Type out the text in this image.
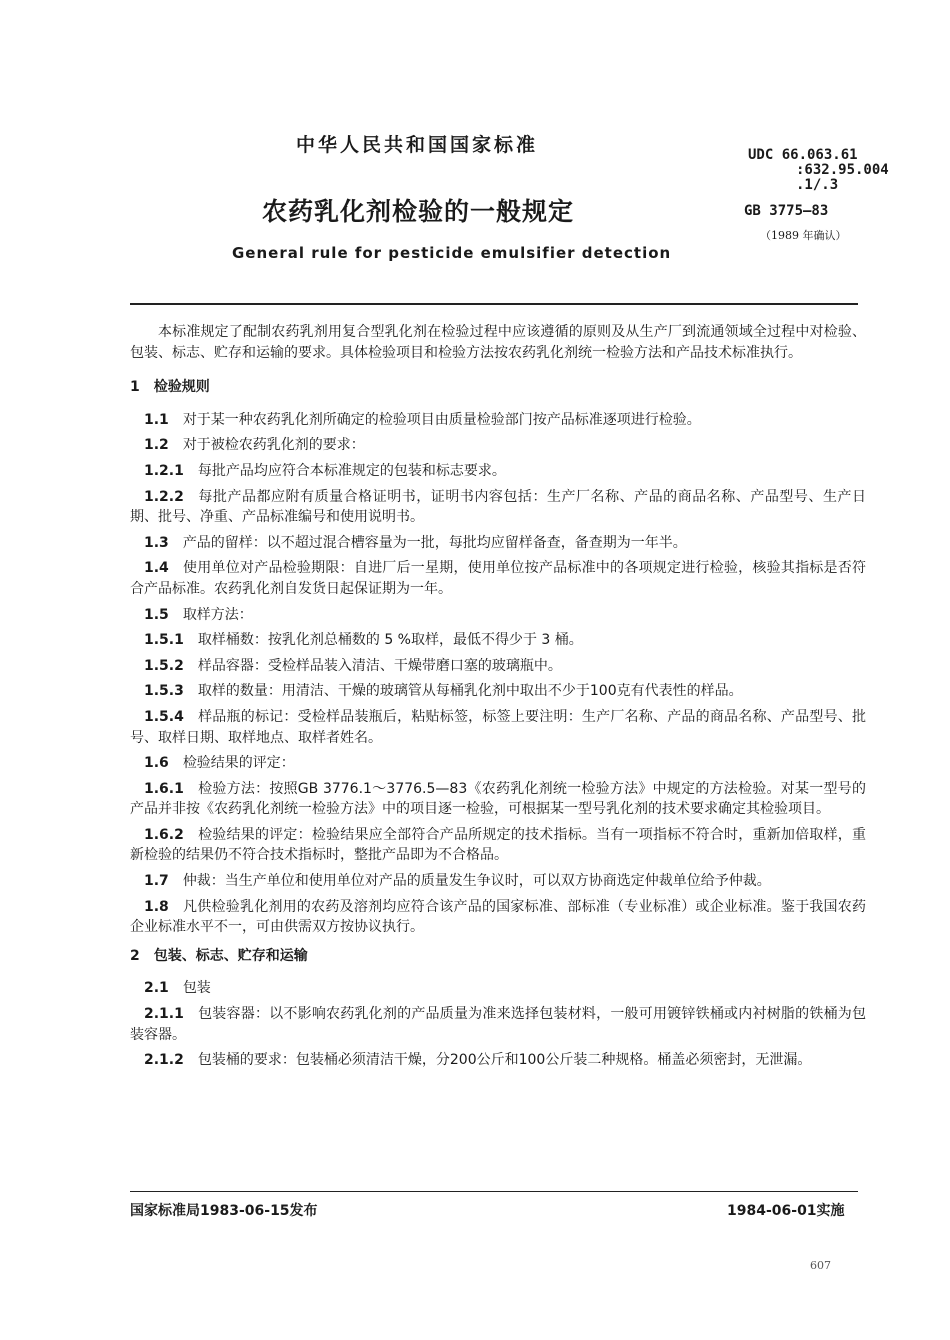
中华人民共和国国家标准
农药乳化剂检验的一般规定
General rule for pesticide emulsifier detection
UDC 66.063.61
:632.95.004
.1/.3
GB 3775—83
（1989 年确认）

本标准规定了配制农药乳剂用复合型乳化剂在检验过程中应该遵循的原则及从生产厂到流通领域全过程中对检验、包装、标志、贮存和运输的要求。具体检验项目和检验方法按农药乳化剂统一检验方法和产品技术标准执行。

1　检验规则

1.1 对于某一种农药乳化剂所确定的检验项目由质量检验部门按产品标准逐项进行检验。

1.2 对于被检农药乳化剂的要求：

1.2.1 每批产品均应符合本标准规定的包装和标志要求。

1.2.2 每批产品都应附有质量合格证明书，证明书内容包括：生产厂名称、产品的商品名称、产品型号、生产日期、批号、净重、产品标准编号和使用说明书。

1.3 产品的留样：以不超过混合槽容量为一批，每批均应留样备查，备查期为一年半。

1.4 使用单位对产品检验期限：自进厂后一星期，使用单位按产品标准中的各项规定进行检验，核验其指标是否符合产品标准。农药乳化剂自发货日起保证期为一年。

1.5 取样方法：

1.5.1 取样桶数：按乳化剂总桶数的 5 %取样，最低不得少于 3 桶。

1.5.2 样品容器：受检样品装入清洁、干燥带磨口塞的玻璃瓶中。

1.5.3 取样的数量：用清洁、干燥的玻璃管从每桶乳化剂中取出不少于100克有代表性的样品。

1.5.4 样品瓶的标记：受检样品装瓶后，粘贴标签，标签上要注明：生产厂名称、产品的商品名称、产品型号、批号、取样日期、取样地点、取样者姓名。

1.6 检验结果的评定：

1.6.1 检验方法：按照GB 3776.1～3776.5—83《农药乳化剂统一检验方法》中规定的方法检验。对某一型号的产品并非按《农药乳化剂统一检验方法》中的项目逐一检验，可根据某一型号乳化剂的技术要求确定其检验项目。

1.6.2 检验结果的评定：检验结果应全部符合产品所规定的技术指标。当有一项指标不符合时，重新加倍取样，重新检验的结果仍不符合技术指标时，整批产品即为不合格品。

1.7 仲裁：当生产单位和使用单位对产品的质量发生争议时，可以双方协商选定仲裁单位给予仲裁。

1.8 凡供检验乳化剂用的农药及溶剂均应符合该产品的国家标准、部标准（专业标准）或企业标准。鉴于我国农药企业标准水平不一，可由供需双方按协议执行。

2　包装、标志、贮存和运输

2.1 包装

2.1.1 包装容器：以不影响农药乳化剂的产品质量为准来选择包装材料，一般可用镀锌铁桶或内衬树脂的铁桶为包装容器。

2.1.2 包装桶的要求：包装桶必须清洁干燥，分200公斤和100公斤装二种规格。桶盖必须密封，无泄漏。

国家标准局1983-06-15发布	1984-06-01实施
607
